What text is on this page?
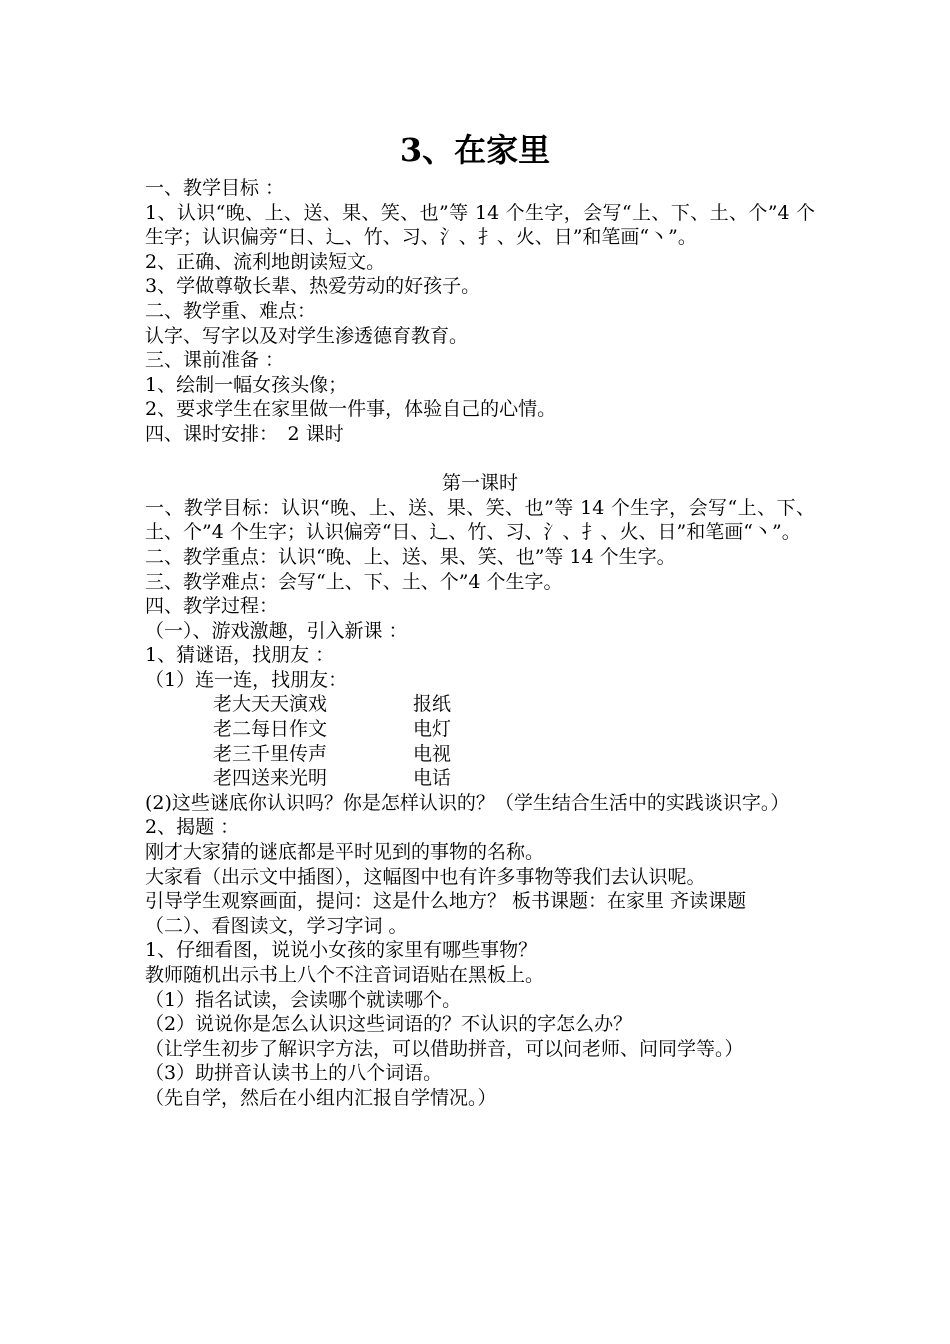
3、在家里
一、教学目标 ：
1、认识“晚、上、送、果、笑、也”等 14 个生字，会写“上、下、土、个”4 个生字；认识偏旁“日、辶、竹、习、氵、扌、火、日”和笔画“丶”。
2、正确、流利地朗读短文。
3、学做尊敬长辈、热爱劳动的好孩子。
二、教学重、难点：
认字、写字以及对学生渗透德育教育。
三、课前准备 ：
1、绘制一幅女孩头像；
2、要求学生在家里做一件事，体验自己的心情。
四、课时安排：　2 课时
第一课时
一、教学目标：认识“晚、上、送、果、笑、也”等 14 个生字，会写“上、下、土、个”4 个生字；认识偏旁“日、辶、竹、习、氵、扌、火、日”和笔画“丶”。
二、教学重点：认识“晚、上、送、果、笑、也”等 14 个生字。
三、教学难点：会写“上、下、土、个”4 个生字。
四、教学过程：
（一）、游戏激趣，引入新课 ：
1、猜谜语，找朋友 ：
（1）连一连，找朋友：
老大天天演戏	报纸
老二每日作文	电灯
老三千里传声	电视
老四送来光明	电话
(2)这些谜底你认识吗？你是怎样认识的？（学生结合生活中的实践谈识字。）
2、揭题 ：
刚才大家猜的谜底都是平时见到的事物的名称。
大家看（出示文中插图），这幅图中也有许多事物等我们去认识呢。
引导学生观察画面，提问：这是什么地方？ 板书课题：在家里 齐读课题
（二）、看图读文，学习字词 。
1、仔细看图，说说小女孩的家里有哪些事物？
教师随机出示书上八个不注音词语贴在黑板上。
（1）指名试读，会读哪个就读哪个。
（2）说说你是怎么认识这些词语的？不认识的字怎么办？
（让学生初步了解识字方法，可以借助拼音，可以问老师、问同学等。）
（3）助拼音认读书上的八个词语。
（先自学，然后在小组内汇报自学情况。）
